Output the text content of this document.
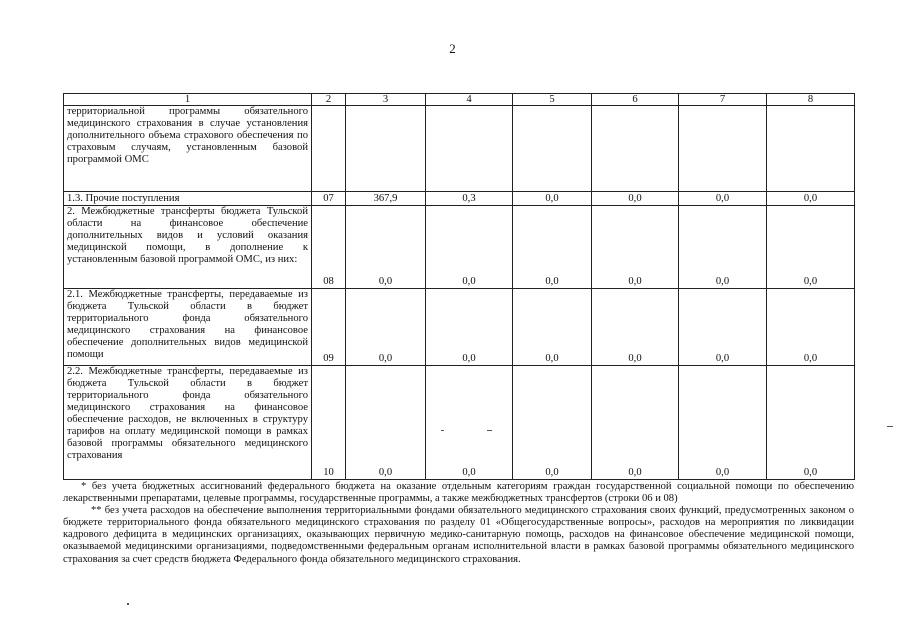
2
1	2	3	4	5	6	7	8
территориальной программы обязательного медицинского страхования в случае установления дополнительного объема страхового обеспечения по страховым случаям, установленным базовой программой ОМС							
1.3. Прочие поступления	07	367,9	0,3	0,0	0,0	0,0	0,0
2. Межбюджетные трансферты бюджета Тульской области на финансовое обеспечение дополнительных видов и условий оказания медицинской помощи, в дополнение к установленным базовой программой ОМС, из них:	08	0,0	0,0	0,0	0,0	0,0	0,0
2.1. Межбюджетные трансферты, передаваемые из бюджета Тульской области в бюджет территориального фонда обязательного медицинского страхования на финансовое обеспечение дополнительных видов медицинской помощи	09	0,0	0,0	0,0	0,0	0,0	0,0
2.2. Межбюджетные трансферты, передаваемые из бюджета Тульской области в бюджет территориального фонда обязательного медицинского страхования на финансовое обеспечение расходов, не включенных в структуру тарифов на оплату медицинской помощи в рамках базовой программы обязательного медицинского страхования	10	0,0	0,0	0,0	0,0	0,0	0,0

* без учета бюджетных ассигнований федерального бюджета на оказание отдельным категориям граждан государственной социальной помощи по обеспечению лекарственными препаратами, целевые программы, государственные программы, а также межбюджетных трансфертов (строки 06 и 08)

** без учета расходов на обеспечение выполнения территориальными фондами обязательного медицинского страхования своих функций, предусмотренных законом о бюджете территориального фонда обязательного медицинского страхования по разделу 01 «Общегосударственные вопросы», расходов на мероприятия по ликвидации кадрового дефицита в медицинских организациях, оказывающих первичную медико-санитарную помощь, расходов на финансовое обеспечение медицинской помощи, оказываемой медицинскими организациями, подведомственными федеральным органам исполнительной власти в рамках базовой программы обязательного медицинского страхования за счет средств бюджета Федерального фонда обязательного медицинского страхования.
